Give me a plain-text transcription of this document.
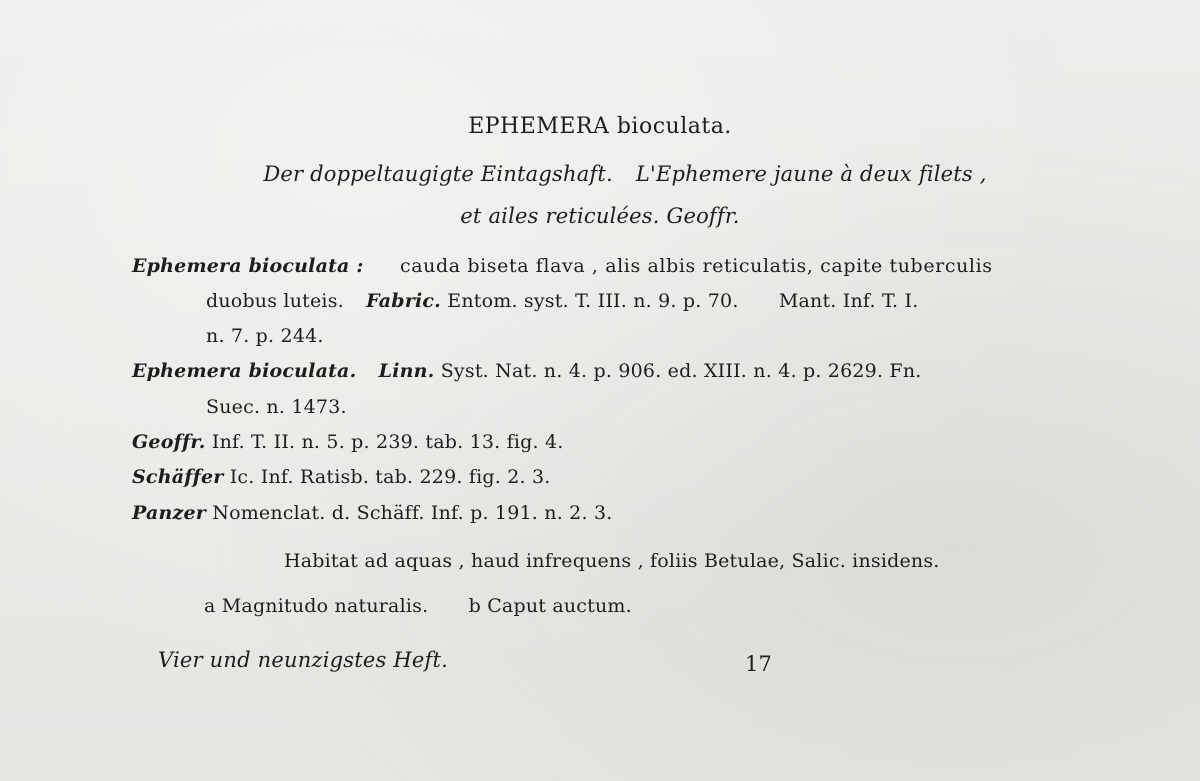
EPHEMERA bioculata.
Der doppeltaugigte Eintagshaft. L'Ephemere jaune à deux filets ,
et ailes reticulées. Geoffr.
Ephemera bioculata : cauda biseta flava , alis albis reticulatis, capite tuberculis
duobus luteis. Fabric. Entom. syst. T. III. n. 9. p. 70. Mant. Inf. T. I.
n. 7. p. 244.
Ephemera bioculata. Linn. Syst. Nat. n. 4. p. 906. ed. XIII. n. 4. p. 2629. Fn.
Suec. n. 1473.
Geoffr. Inf. T. II. n. 5. p. 239. tab. 13. fig. 4.
Schäffer Ic. Inf. Ratisb. tab. 229. fig. 2. 3.
Panzer Nomenclat. d. Schäff. Inf. p. 191. n. 2. 3.
Habitat ad aquas , haud infrequens , foliis Betulae, Salic. insidens.
a Magnitudo naturalis. b Caput auctum.
Vier und neunzigstes Heft.	17
